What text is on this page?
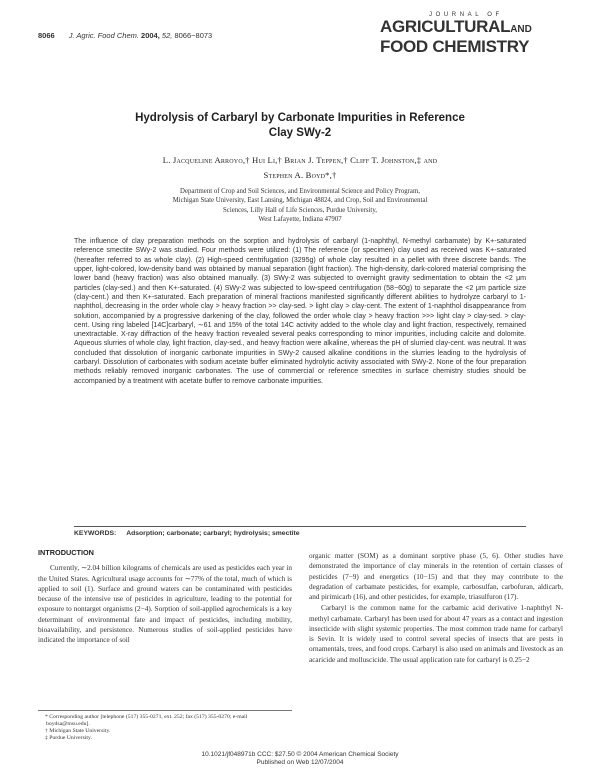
8066 J. Agric. Food Chem. 2004, 52, 8066−8073
JOURNAL OF
AGRICULTURALAND
FOOD CHEMISTRY
Hydrolysis of Carbaryl by Carbonate Impurities in Reference
Clay SWy-2
L. Jacqueline Arroyo,† Hui Li,† Brian J. Teppen,† Cliff T. Johnston,‡ and
Stephen A. Boyd*,†
Department of Crop and Soil Sciences, and Environmental Science and Policy Program,
Michigan State University, East Lansing, Michigan 48824, and Crop, Soil and Environmental
Sciences, Lilly Hall of Life Sciences, Purdue University,
West Lafayette, Indiana 47907
The influence of clay preparation methods on the sorption and hydrolysis of carbaryl (1-naphthyl, N-methyl carbamate) by K+-saturated reference smectite SWy-2 was studied. Four methods were utilized: (1) The reference (or specimen) clay used as received was K+-saturated (hereafter referred to as whole clay). (2) High-speed centrifugation (3295g) of whole clay resulted in a pellet with three discrete bands. The upper, light-colored, low-density band was obtained by manual separation (light fraction). The high-density, dark-colored material comprising the lower band (heavy fraction) was also obtained manually. (3) SWy-2 was subjected to overnight gravity sedimentation to obtain the <2 μm particles (clay-sed.) and then K+-saturated. (4) SWy-2 was subjected to low-speed centrifugation (58−60g) to separate the <2 μm particle size (clay-cent.) and then K+-saturated. Each preparation of mineral fractions manifested significantly different abilities to hydrolyze carbaryl to 1-naphthol, decreasing in the order whole clay > heavy fraction >> clay-sed. > light clay > clay-cent. The extent of 1-naphthol disappearance from solution, accompanied by a progressive darkening of the clay, followed the order whole clay > heavy fraction >>> light clay > clay-sed. > clay-cent. Using ring labeled [14C]carbaryl, ∼61 and 15% of the total 14C activity added to the whole clay and light fraction, respectively, remained unextractable. X-ray diffraction of the heavy fraction revealed several peaks corresponding to minor impurities, including calcite and dolomite. Aqueous slurries of whole clay, light fraction, clay-sed., and heavy fraction were alkaline, whereas the pH of slurried clay-cent. was neutral. It was concluded that dissolution of inorganic carbonate impurities in SWy-2 caused alkaline conditions in the slurries leading to the hydrolysis of carbaryl. Dissolution of carbonates with sodium acetate buffer eliminated hydrolytic activity associated with SWy-2. None of the four preparation methods reliably removed inorganic carbonates. The use of commercial or reference smectites in surface chemistry studies should be accompanied by a treatment with acetate buffer to remove carbonate impurities.
KEYWORDS: Adsorption; carbonate; carbaryl; hydrolysis; smectite
INTRODUCTION

Currently, ∼2.04 billion kilograms of chemicals are used as pesticides each year in the United States. Agricultural usage accounts for ∼77% of the total, much of which is applied to soil (1). Surface and ground waters can be contaminated with pesticides because of the intensive use of pesticides in agriculture, leading to the potential for exposure to nontarget organisms (2−4). Sorption of soil-applied agrochemicals is a key determinant of environmental fate and impact of pesticides, including mobility, bioavailability, and persistence. Numerous studies of soil-applied pesticides have indicated the importance of soil

organic matter (SOM) as a dominant sorptive phase (5, 6). Other studies have demonstrated the importance of clay minerals in the retention of certain classes of pesticides (7−9) and energetics (10−15) and that they may contribute to the degradation of carbamate pesticides, for example, carbosulfan, carbofuran, aldicarb, and pirimicarb (16), and other pesticides, for example, triasulfuron (17).

Carbaryl is the common name for the carbamic acid derivative 1-naphthyl N-methyl carbamate. Carbaryl has been used for about 47 years as a contact and ingestion insecticide with slight systemic properties. The most common trade name for carbaryl is Sevin. It is widely used to control several species of insects that are pests in ornamentals, trees, and food crops. Carbaryl is also used on animals and livestock as an acaricide and molluscicide. The usual application rate for carbaryl is 0.25−2

* Corresponding author [telephone (517) 355-0271, ext. 252; fax (517) 355-0270; e-mail boydsa@msu.edu].
† Michigan State University.
‡ Purdue University.
10.1021/jf048971b CCC: $27.50 © 2004 American Chemical Society
Published on Web 12/07/2004
